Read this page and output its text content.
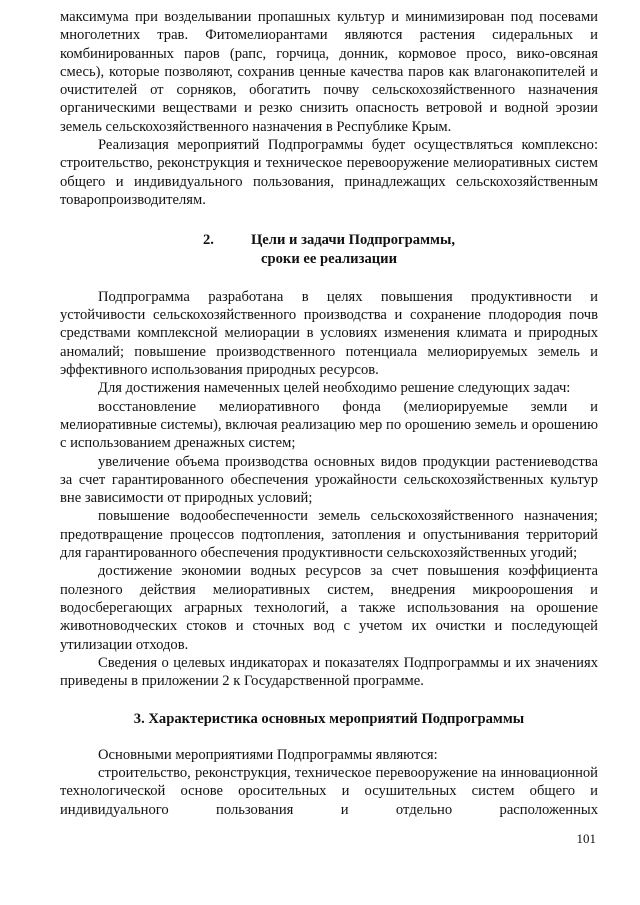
максимума при возделывании пропашных культур и минимизирован под посевами многолетних трав. Фитомелиорантами являются растения сидеральных и комбинированных паров (рапс, горчица, донник, кормовое просо, вико-овсяная смесь), которые позволяют, сохранив ценные качества паров как влагонакопителей и очистителей от сорняков, обогатить почву сельскохозяйственного назначения органическими веществами и резко снизить опасность ветровой и водной эрозии земель сельскохозяйственного назначения в Республике Крым.

Реализация мероприятий Подпрограммы будет осуществляться комплексно: строительство, реконструкция и техническое перевооружение мелиоративных систем общего и индивидуального пользования, принадлежащих сельскохозяйственным товаропроизводителям.

2.	Цели и задачи Подпрограммы,
сроки ее реализации

Подпрограмма разработана в целях повышения продуктивности и устойчивости сельскохозяйственного производства и сохранение плодородия почв средствами комплексной мелиорации в условиях изменения климата и природных аномалий; повышение производственного потенциала мелиорируемых земель и эффективного использования природных ресурсов.

Для достижения намеченных целей необходимо решение следующих задач:

восстановление мелиоративного фонда (мелиорируемые земли и мелиоративные системы), включая реализацию мер по орошению земель и орошению с использованием дренажных систем;

увеличение объема производства основных видов продукции растениеводства за счет гарантированного обеспечения урожайности сельскохозяйственных культур вне зависимости от природных условий;

повышение водообеспеченности земель сельскохозяйственного назначения; предотвращение процессов подтопления, затопления и опустынивания территорий для гарантированного обеспечения продуктивности сельскохозяйственных угодий;

достижение экономии водных ресурсов за счет повышения коэффициента полезного действия мелиоративных систем, внедрения микроорошения и водосберегающих аграрных технологий, а также использования на орошение животноводческих стоков и сточных вод с учетом их очистки и последующей утилизации отходов.

Сведения о целевых индикаторах и показателях Подпрограммы и их значениях приведены в приложении 2 к Государственной программе.

3. Характеристика основных мероприятий Подпрограммы

Основными мероприятиями Подпрограммы являются:

строительство, реконструкция, техническое перевооружение на инновационной технологической основе оросительных и осушительных систем общего и индивидуального пользования и отдельно расположенных

101
